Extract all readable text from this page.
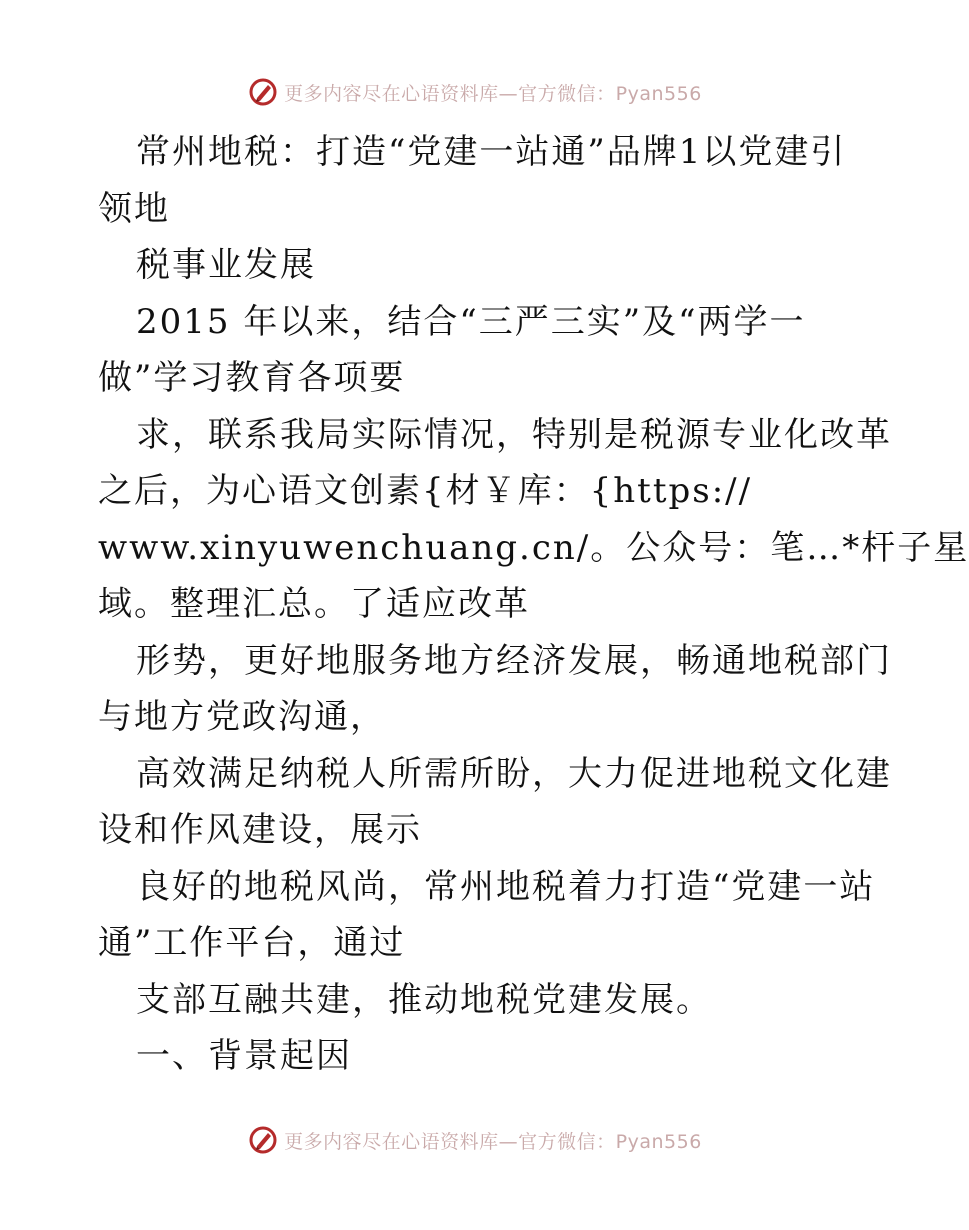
更多内容尽在心语资料库—官方微信：Pyan556
常州地税：打造“党建一站通”品牌1以党建引
领地
税事业发展
2015 年以来，结合“三严三实”及“两学一
做”学习教育各项要
求，联系我局实际情况，特别是税源专业化改革
之后，为心语文创素{材￥库：{https://
www.xinyuwenchuang.cn/。公众号：笔…*杆子星
域。整理汇总。了适应改革
形势，更好地服务地方经济发展，畅通地税部门
与地方党政沟通，
高效满足纳税人所需所盼，大力促进地税文化建
设和作风建设，展示
良好的地税风尚，常州地税着力打造“党建一站
通”工作平台，通过
支部互融共建，推动地税党建发展。
一、背景起因
更多内容尽在心语资料库—官方微信：Pyan556
